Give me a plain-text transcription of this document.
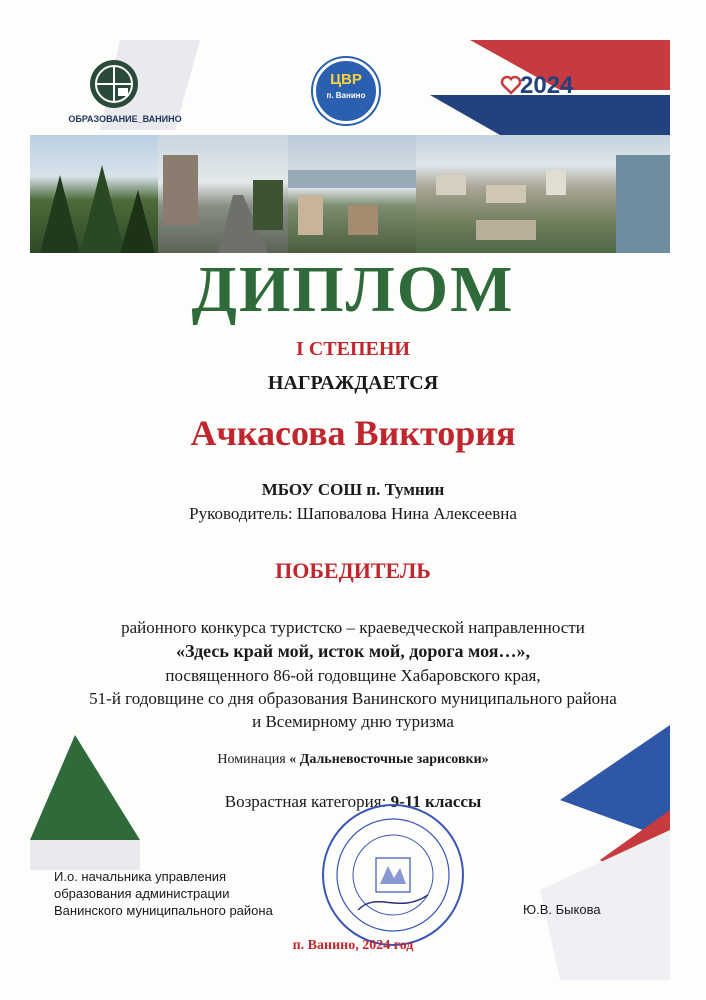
ОБРАЗОВАНИЕ_ВАНИНО
ЦВР
п. Ванино	2024
ГОД СЕМЬИ
ДИПЛОМ
I СТЕПЕНИ
НАГРАЖДАЕТСЯ
Ачкасова Виктория
МБОУ СОШ п. Тумнин
Руководитель: Шаповалова Нина Алексеевна
ПОБЕДИТЕЛЬ
районного конкурса туристско – краеведческой направленности
«Здесь край мой, исток мой, дорога моя…»,
посвященного 86-ой годовщине Хабаровского края,
51-й годовщине со дня образования Ванинского муниципального района
и Всемирному дню туризма
Номинация « Дальневосточные зарисовки»
Возрастная категория: 9-11 классы
И.о. начальника управления
образования администрации
Ванинского муниципального района	Ю.В. Быкова
п. Ванино, 2024 год
